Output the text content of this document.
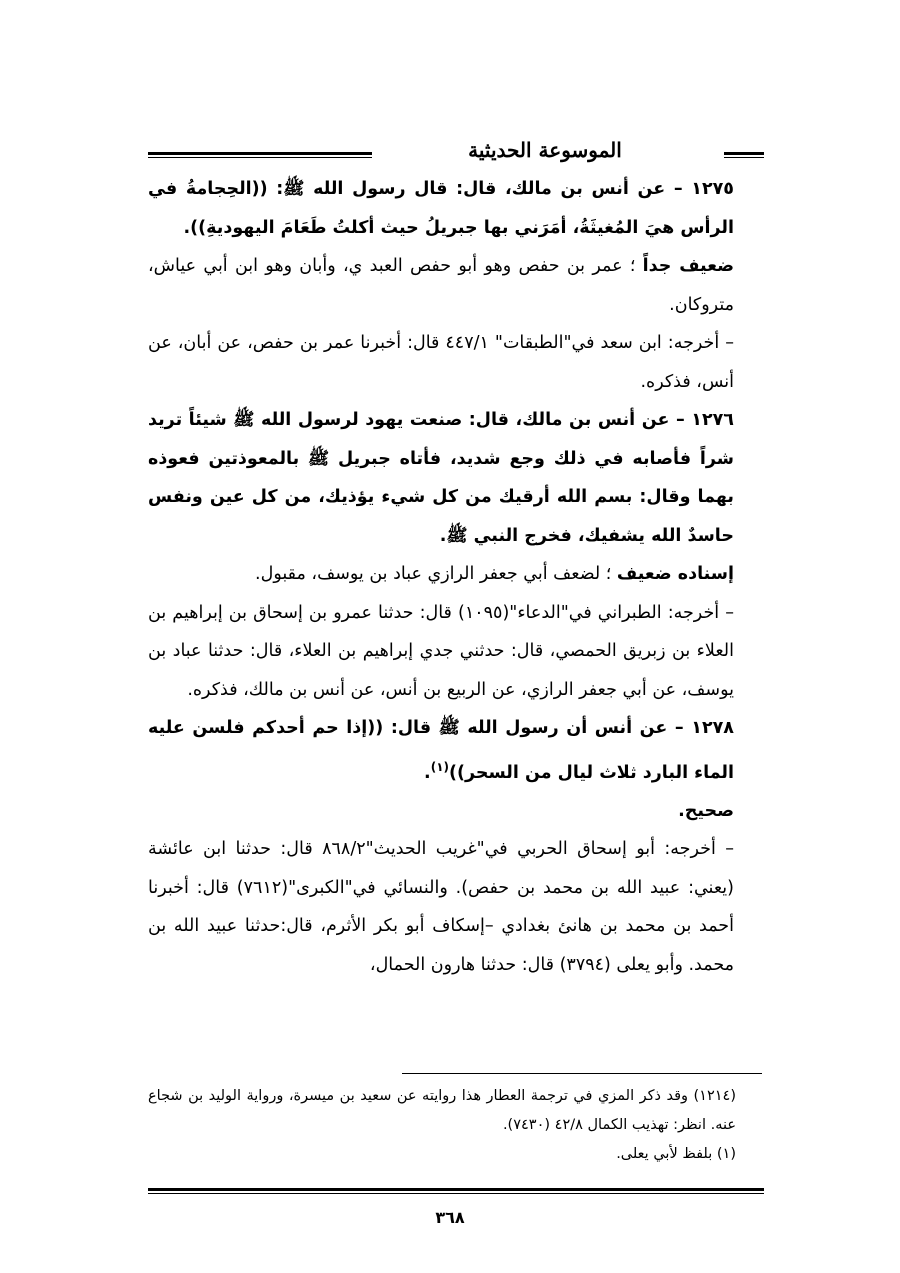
الموسوعة الحديثية

١٢٧٥ – عن أنس بن مالك، قال: قال رسول الله ﷺ: ((الحِجامةُ في الرأس هيَ المُغيثَةُ، أمَرَني بها جبريلُ حيث أكلتُ طَعَامَ اليهوديةِ)).

ضعيف جداً ؛ عمر بن حفص وهو أبو حفص العبد ي، وأبان وهو ابن أبي عياش، متروكان.

– أخرجه: ابن سعد في"الطبقات" ٤٤٧/١ قال: أخبرنا عمر بن حفص، عن أبان، عن أنس، فذكره.

١٢٧٦ – عن أنس بن مالك، قال: صنعت يهود لرسول الله ﷺ شيئاً تريد شراً فأصابه في ذلك وجع شديد، فأتاه جبريل ﷺ بالمعوذتين فعوذه بهما وقال: بسم الله أرقيك من كل شيء يؤذيك، من كل عين ونفس حاسدٌ الله يشفيك، فخرج النبي ﷺ.

إسناده ضعيف ؛ لضعف أبي جعفر الرازي عباد بن يوسف، مقبول.

– أخرجه: الطبراني في"الدعاء"(١٠٩٥) قال: حدثنا عمرو بن إسحاق بن إبراهيم بن العلاء بن زبريق الحمصي، قال: حدثني جدي إبراهيم بن العلاء، قال: حدثنا عباد بن يوسف، عن أبي جعفر الرازي، عن الربيع بن أنس، عن أنس بن مالك، فذكره.

١٢٧٨ – عن أنس أن رسول الله ﷺ قال: ((إذا حم أحدكم فلسن عليه الماء البارد ثلاث ليال من السحر))$^{(١)}$.

صحيح.

– أخرجه: أبو إسحاق الحربي في"غريب الحديث"٨٦٨/٢ قال: حدثنا ابن عائشة (يعني: عبيد الله بن محمد بن حفص). والنسائي في"الكبرى"(٧٦١٢) قال: أخبرنا أحمد بن محمد بن هانئ بغدادي –إسكاف أبو بكر الأثرم، قال:حدثنا عبيد الله بن محمد. وأبو يعلى (٣٧٩٤) قال: حدثنا هارون الحمال،

(١٢١٤) وقد ذكر المزي في ترجمة العطار هذا روايته عن سعيد بن ميسرة، ورواية الوليد بن شجاع عنه. انظر: تهذيب الكمال ٤٢/٨ (٧٤٣٠).

(١) بلفظ لأبي يعلى.

٣٦٨
